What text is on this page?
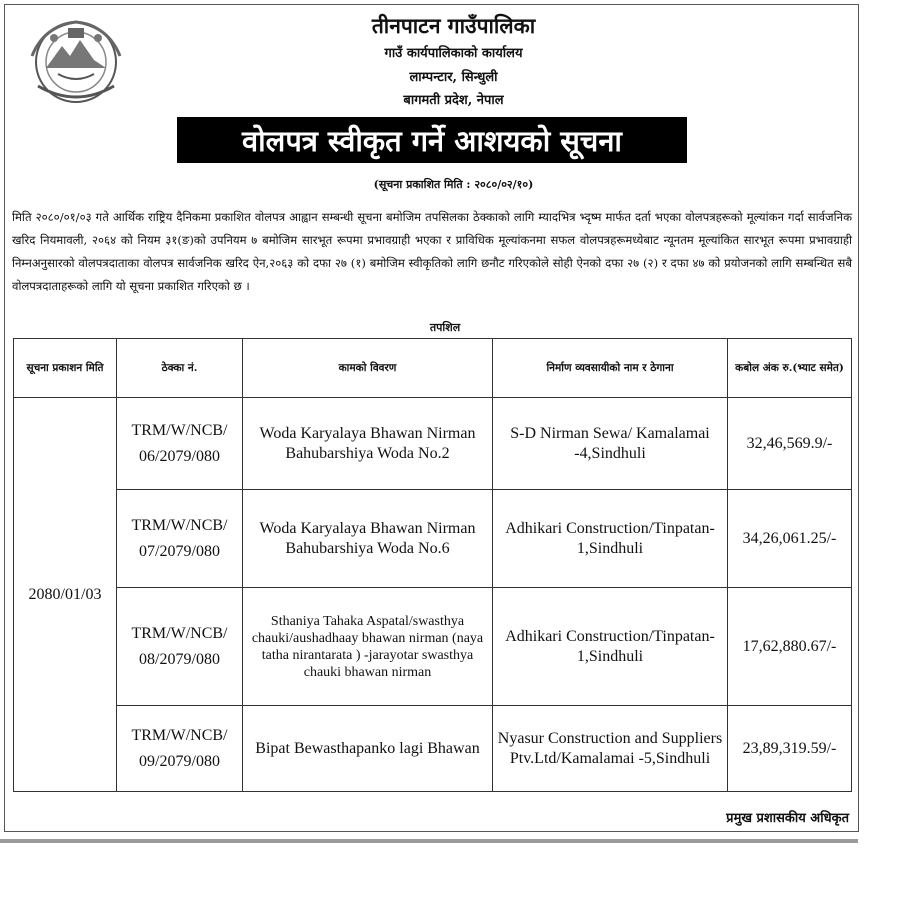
तीनपाटन गाउँपालिका
गाउँ कार्यपालिकाको कार्यालय
लाम्पन्टार, सिन्धुली
बागमती प्रदेश, नेपाल
वोलपत्र स्वीकृत गर्ने आशयको सूचना
(सूचना प्रकाशित मिति : २०८०/०२/१०)
मिति २०८०/०१/०३ गते आर्थिक राष्ट्रिय दैनिकमा प्रकाशित वोलपत्र आह्वान सम्बन्धी सूचना बमोजिम तपसिलका ठेक्काको लागि म्यादभित्र भ्दृष्म मार्फत दर्ता भएका वोलपत्रहरूको मूल्यांकन गर्दा सार्वजनिक खरिद नियमावली, २०६४ को नियम ३१(ङ)को उपनियम ७ बमोजिम सारभूत रूपमा प्रभावग्राही भएका र प्राविधिक मूल्यांकनमा सफल वोलपत्रहरूमध्येबाट न्यूनतम मूल्यांकित सारभूत रूपमा प्रभावग्राही निम्नअनुसारको वोलपत्रदाताका वोलपत्र सार्वजनिक खरिद ऐन,२०६३ को दफा २७ (१) बमोजिम स्वीकृतिको लागि छनौट गरिएकोले सोही ऐनको दफा २७ (२) र दफा ४७ को प्रयोजनको लागि सम्बन्धित सबै वोलपत्रदाताहरूको लागि यो सूचना प्रकाशित गरिएको छ ।
तपशिल
सूचना प्रकाशन मिति	ठेक्का नं.	कामको विवरण	निर्माण व्यवसायीको नाम र ठेगाना	कबोल अंक रु.(भ्याट समेत)
2080/01/03	TRM/W/NCB/ 06/2079/080	Woda Karyalaya Bhawan Nirman Bahubarshiya Woda No.2	S-D Nirman Sewa/ Kamalamai -4,Sindhuli	32,46,569.9/-
	TRM/W/NCB/ 07/2079/080	Woda Karyalaya Bhawan Nirman Bahubarshiya Woda No.6	Adhikari Construction/Tinpatan-1,Sindhuli	34,26,061.25/-
	TRM/W/NCB/ 08/2079/080	Sthaniya Tahaka Aspatal/swasthya chauki/aushadhaay bhawan nirman (naya tatha nirantarata ) -jarayotar swasthya chauki bhawan nirman	Adhikari Construction/Tinpatan-1,Sindhuli	17,62,880.67/-
	TRM/W/NCB/ 09/2079/080	Bipat Bewasthapanko lagi Bhawan	Nyasur Construction and Suppliers Ptv.Ltd/Kamalamai -5,Sindhuli	23,89,319.59/-
प्रमुख प्रशासकीय अधिकृत
